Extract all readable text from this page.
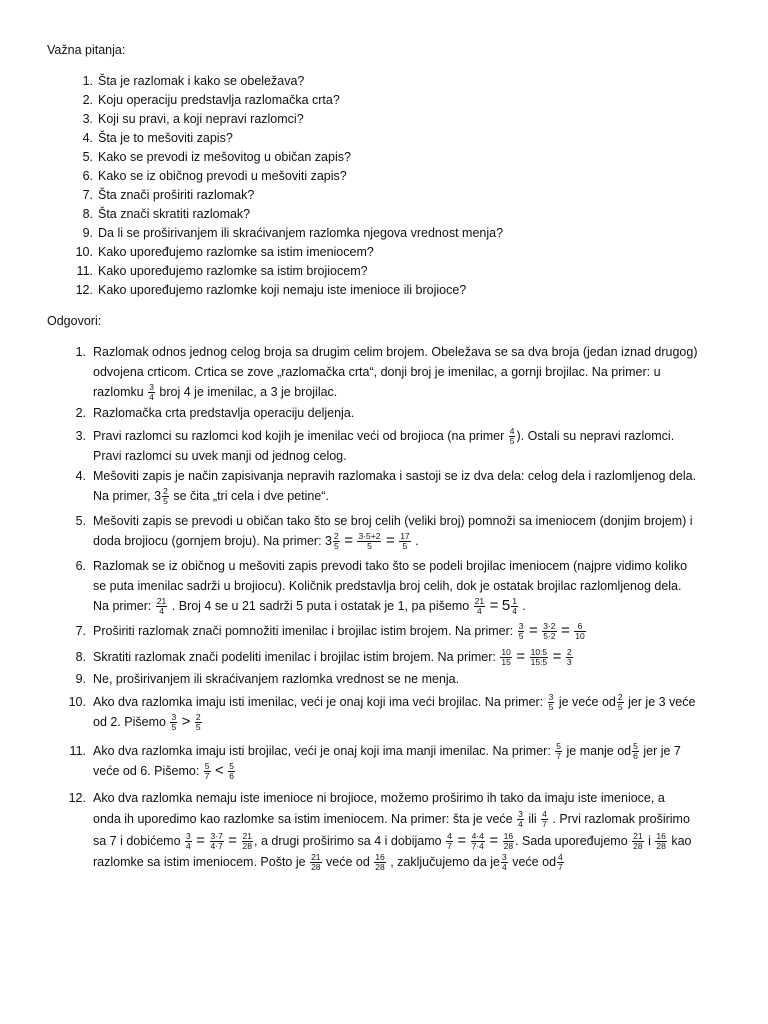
Važna pitanja:
1. Šta je razlomak i kako se obeležava?
2. Koju operaciju predstavlja razlomačka crta?
3. Koji su pravi, a koji nepravi razlomci?
4. Šta je to mešoviti zapis?
5. Kako se prevodi iz mešovitog u običan zapis?
6. Kako se iz običnog prevodi u mešoviti zapis?
7. Šta znači proširiti razlomak?
8. Šta znači skratiti razlomak?
9. Da li se proširivanjem ili skraćivanjem razlomka njegova vrednost menja?
10. Kako upoređujemo razlomke sa istim imeniocem?
11. Kako upoređujemo razlomke sa istim brojiocem?
12. Kako upoređujemo razlomke koji nemaju iste imenioce ili brojioce?
Odgovori:
1. Razlomak odnos jednog celog broja sa drugim celim brojem. Obeležava se sa dva broja (jedan iznad drugog)
odvojena crticom. Crtica se zove „razlomačka crta“, donji broj je imenilac, a gornji brojilac. Na primer: u
razlomku $\frac{3}{4}$ broj 4 je imenilac, a 3 je brojilac.
2. Razlomačka crta predstavlja operaciju deljenja.
3. Pravi razlomci su razlomci kod kojih je imenilac veći od brojioca (na primer $\frac{4}{5}$ ). Ostali su nepravi razlomci.
Pravi razlomci su uvek manji od jednog celog.
4. Mešoviti zapis je način zapisivanja nepravih razlomaka i sastoji se iz dva dela: celog dela i razlomljenog dela.
Na primer, $3 \frac{2}{5}$ se čita „tri cela i dve petine“.
5. Mešoviti zapis se prevodi u običan tako što se broj celih (veliki broj) pomnoži sa imeniocem (donjim brojem) i
doda brojiocu (gornjem broju). Na primer: $3 \frac{2}{5} = \frac{3\cdot 5+2}{5} = \frac{17}{5}$ .
6. Razlomak se iz običnog u mešoviti zapis prevodi tako što se podeli brojilac imeniocem (najpre vidimo koliko
se puta imenilac sadrži u brojiocu). Količnik predstavlja broj celih, dok je ostatak brojilac razlomljenog dela.
Na primer: $\frac{21}{4}$ . Broj 4 se u 21 sadrži 5 puta i ostatak je 1, pa pišemo $\frac{21}{4} = 5 \frac{1}{4}$ .
7. Proširiti razlomak znači pomnožiti imenilac i brojilac istim brojem. Na primer: $\frac{3}{5} = \frac{3\cdot 2}{5\cdot 2} = \frac{6}{10}$
8. Skratiti razlomak znači podeliti imenilac i brojilac istim brojem. Na primer: $\frac{10}{15} = \frac{10:5}{15:5} = \frac{2}{3}$
9. Ne, proširivanjem ili skraćivanjem razlomka vrednost se ne menja.
10. Ako dva razlomka imaju isti imenilac, veći je onaj koji ima veći brojilac. Na primer: $\frac{3}{5}$ je veće od $\frac{2}{5}$ jer je 3 veće
od 2. Pišemo $\frac{3}{5} > \frac{2}{5}$
11. Ako dva razlomka imaju isti brojilac, veći je onaj koji ima manji imenilac. Na primer: $\frac{5}{7}$ je manje od $\frac{5}{6}$ jer je 7
veće od 6. Pišemo: $\frac{5}{7} < \frac{5}{6}$
12. Ako dva razlomka nemaju iste imenioce ni brojioce, možemo proširimo ih tako da imaju iste imenioce, a
onda ih uporedimo kao razlomke sa istim imeniocem. Na primer: šta je veće $\frac{3}{4}$ ili $\frac{4}{7}$ . Prvi razlomak proširimo
sa 7 i dobićemo $\frac{3}{4} = \frac{3\cdot 7}{4\cdot 7} = \frac{21}{28}$ , a drugi proširimo sa 4 i dobijamo $\frac{4}{7} = \frac{4\cdot 4}{7\cdot 4} = \frac{16}{28}$ . Sada upoređujemo $\frac{21}{28}$ i $\frac{16}{28}$ kao
razlomke sa istim imeniocem. Pošto je $\frac{21}{28}$ veće od $\frac{16}{28}$ , zaključujemo da je $\frac{3}{4}$ veće od $\frac{4}{7}$
